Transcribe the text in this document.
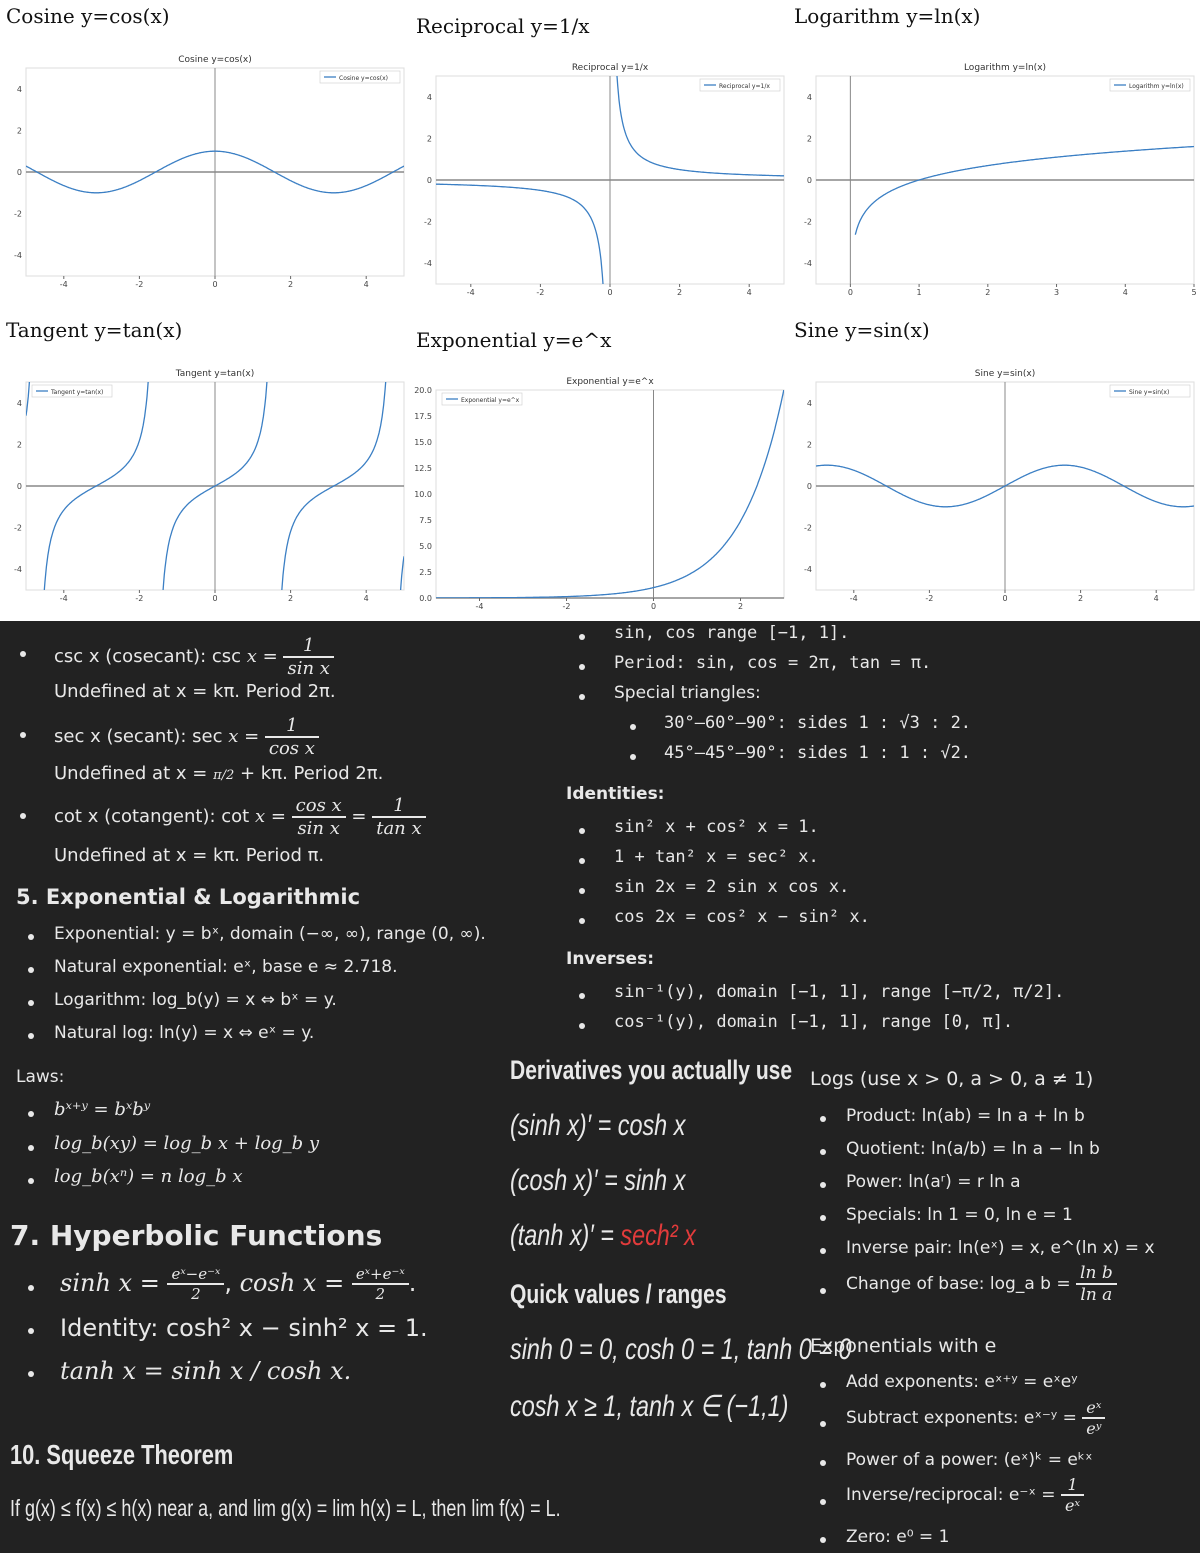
Cosine y=cos(x)	Reciprocal y=1/x	Logarithm y=ln(x)
Tangent y=tan(x)	Exponential y=e^x	Sine y=sin(x)
Cosine y=cos(x)
-4	-2	0	2	4
4
2
0
-2
-4
Cosine y=cos(x)
Reciprocal y=1/x
-4	-2	0	2	4
4
2
0
-2
-4
Reciprocal y=1/x
Logarithm y=ln(x)
0	1	2	3	4	5
4
2
0
-2
-4
Logarithm y=ln(x)
Tangent y=tan(x)
-4	-2	0	2	4
4
2
0
-2
-4
Tangent y=tan(x)
Exponential y=e^x
-4	-2	0	2
20.0
17.5
15.0
12.5
10.0
7.5
5.0
2.5
0.0
Exponential y=e^x
Sine y=sin(x)
-4	-2	0	2	4
4
2
0
-2
-4
Sine y=sin(x)
csc x (cosecant): $\csc x = \frac{1}{\text{sin x}}$
Undefined at x = kπ. Period 2π.
sec x (secant): $\sec x = \frac{1}{\text{cos x}}$
Undefined at x = π/2 + kπ. Period 2π.
cot x (cotangent): $\cot x = \frac{\text{cos x}}{\text{sin x}} = \frac{1}{\text{tan x}}$
Undefined at x = kπ. Period π.
5. Exponential & Logarithmic
Exponential: y = bˣ, domain (−∞, ∞), range (0, ∞).
Natural exponential: eˣ, base e ≈ 2.718.
Logarithm: log_b(y) = x ⇔ bˣ = y.
Natural log: ln(y) = x ⇔ eˣ = y.
Laws:
bˣ⁺ʸ = bˣbʸ
log_b(xy) = log_b x + log_b y
log_b(xⁿ) = n log_b x
7. Hyperbolic Functions
$\sinh x = \frac{\text{eˣ−e⁻ˣ}}{2}$ , $\cosh x = \frac{\text{eˣ+e⁻ˣ}}{2}$ .
Identity: cosh² x − sinh² x = 1.
tanh x = sinh x / cosh x.
10. Squeeze Theorem
If g(x) ≤ f(x) ≤ h(x) near a, and lim g(x) = lim h(x) = L, then lim f(x) = L.
sin, cos range [−1, 1].
Period: sin, cos = 2π, tan = π.
Special triangles:
30°–60°–90°: sides 1 : √3 : 2.
45°–45°–90°: sides 1 : 1 : √2.
Identities:
sin² x + cos² x = 1.
1 + tan² x = sec² x.
sin 2x = 2 sin x cos x.
cos 2x = cos² x − sin² x.
Inverses:
sin⁻¹(y), domain [−1, 1], range [−π/2, π/2].
cos⁻¹(y), domain [−1, 1], range [0, π].
Derivatives you actually use
(sinh x)′ = cosh x
(cosh x)′ = sinh x
(tanh x)′ = sech² x
Quick values / ranges
sinh 0 = 0, cosh 0 = 1, tanh 0 = 0
cosh x ≥ 1, tanh x ∈ (−1,1)
Logs (use x > 0, a > 0, a ≠ 1)
Product: ln(ab) = ln a + ln b
Quotient: ln(a/b) = ln a − ln b
Power: ln(aʳ) = r ln a
Specials: ln 1 = 0, ln e = 1
Inverse pair: ln(eˣ) = x, e^(ln x) = x
Change of base: log_a $b = \frac{\text{ln b}}{\text{ln a}}$
Exponentials with e
Add exponents: eˣ⁺ʸ = eˣeʸ
Subtract exponents: eˣ⁻ʸ = $\frac{\text{eˣ}}{\text{eʸ}}$
Power of a power: (eˣ)ᵏ = eᵏˣ
Inverse/reciprocal: e⁻ˣ = $\frac{1}{\text{eˣ}}$
Zero: e⁰ = 1
